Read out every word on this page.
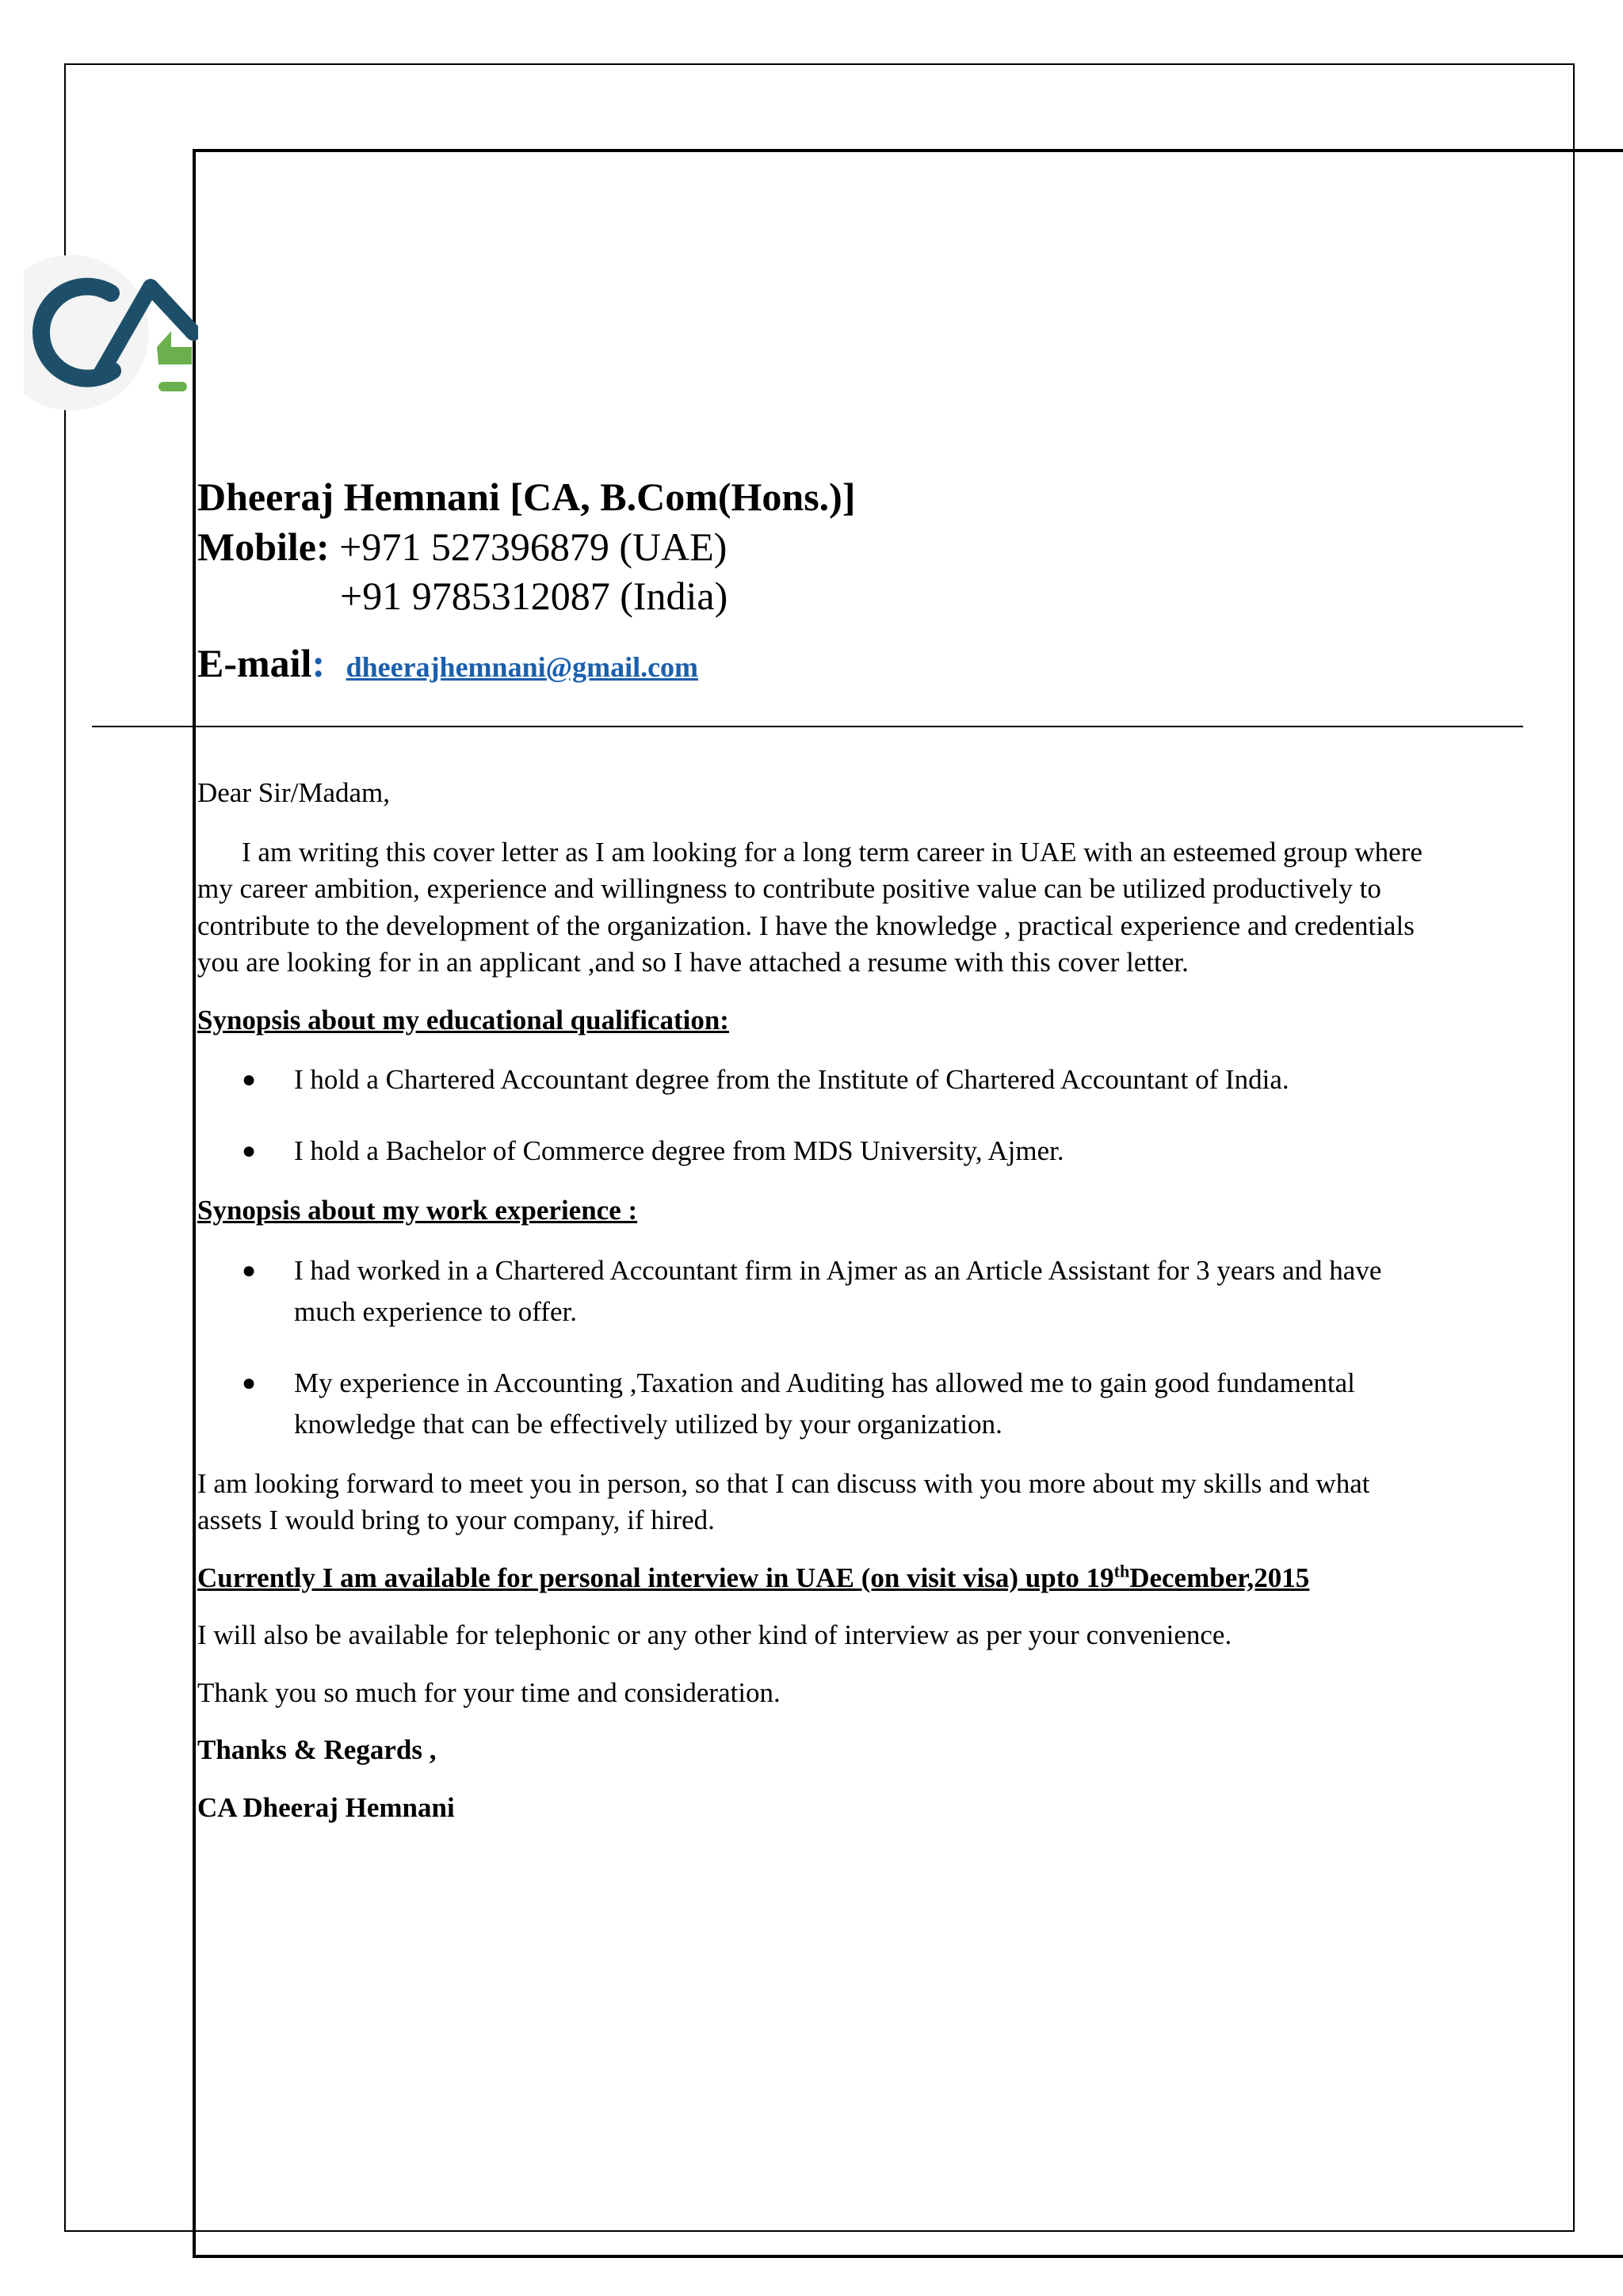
Dheeraj Hemnani [CA, B.Com(Hons.)]
Mobile: +971 527396879 (UAE)
+91 9785312087 (India)
E-mail: dheerajhemnani@gmail.com

Dear Sir/Madam,

I am writing this cover letter as I am looking for a long term career in UAE with an esteemed group where my career ambition, experience and willingness to contribute positive value can be utilized productively to contribute to the development of the organization. I have the knowledge , practical experience and credentials you are looking for in an applicant ,and so I have attached a resume with this cover letter.

Synopsis about my educational qualification:

● I hold a Chartered Accountant degree from the Institute of Chartered Accountant of India.
● I hold a Bachelor of Commerce degree from MDS University, Ajmer.

Synopsis about my work experience :

● I had worked in a Chartered Accountant firm in Ajmer as an Article Assistant for 3 years and have much experience to offer.
● My experience in Accounting ,Taxation and Auditing has allowed me to gain good fundamental knowledge that can be effectively utilized by your organization.

I am looking forward to meet you in person, so that I can discuss with you more about my skills and what assets I would bring to your company, if hired.

Currently I am available for personal interview in UAE (on visit visa) upto 19thDecember,2015

I will also be available for telephonic or any other kind of interview as per your convenience.

Thank you so much for your time and consideration.

Thanks & Regards ,

CA Dheeraj Hemnani
